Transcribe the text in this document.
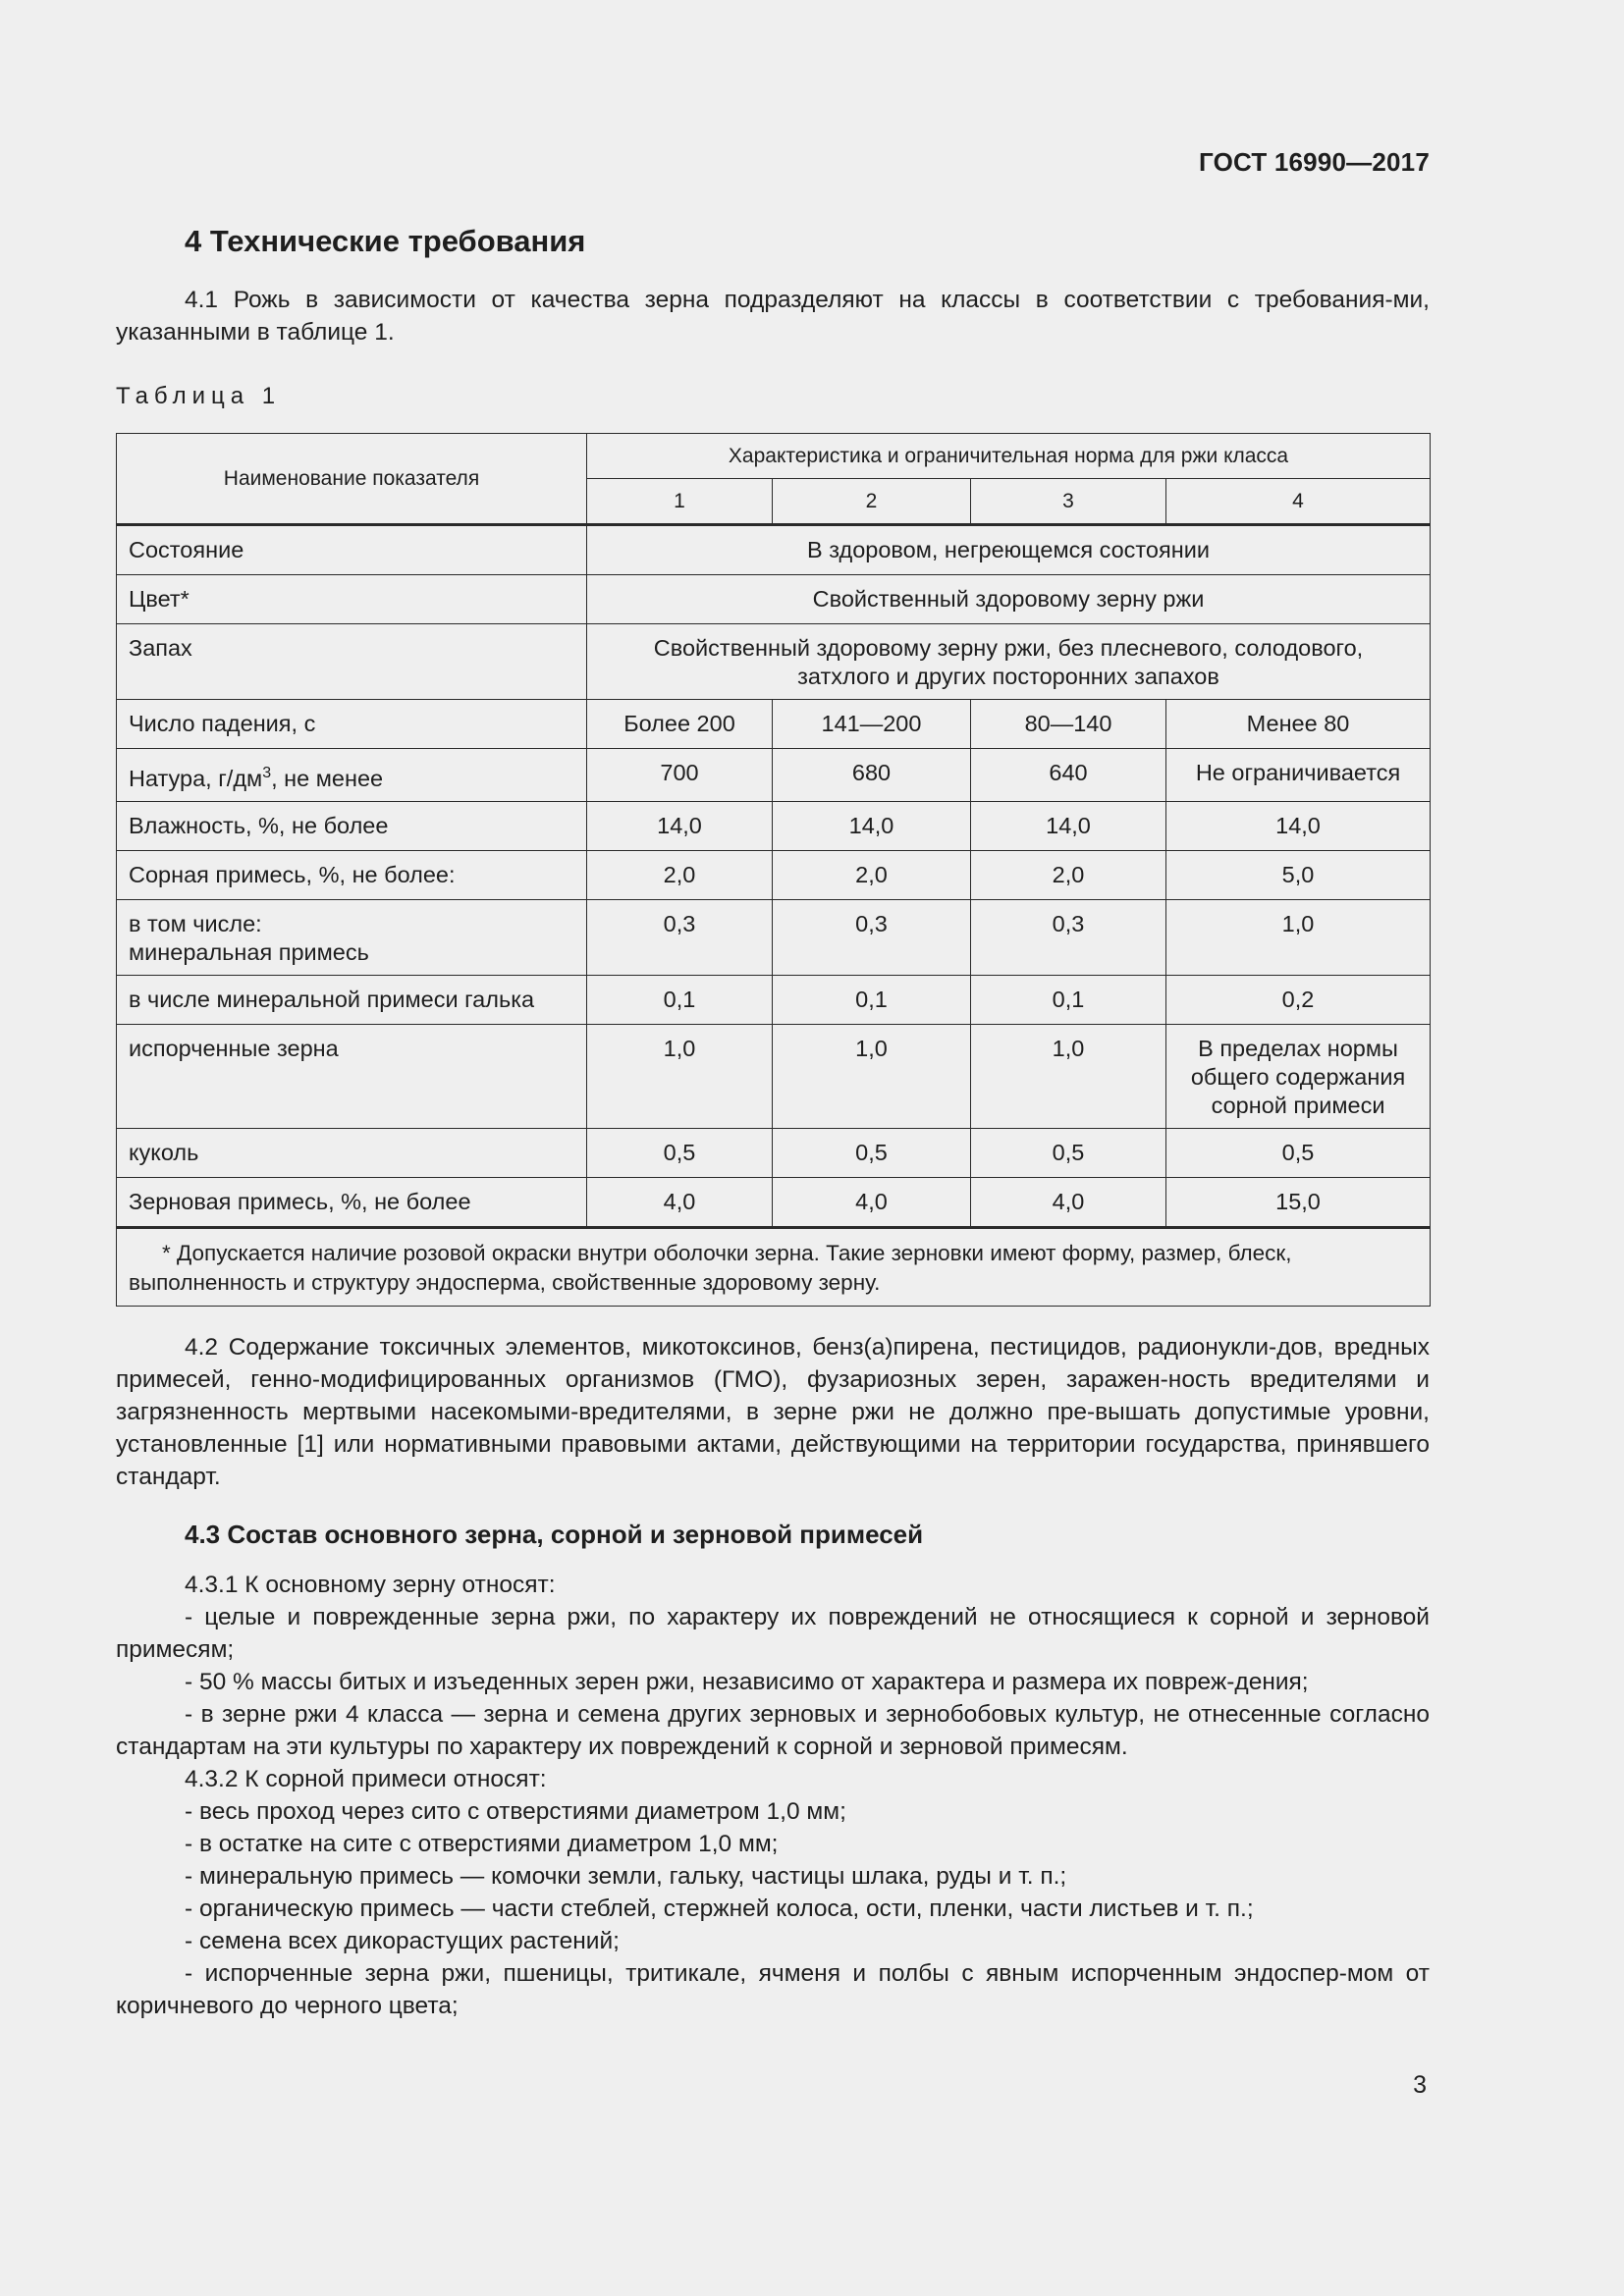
ГОСТ 16990—2017
4 Технические требования
4.1 Рожь в зависимости от качества зерна подразделяют на классы в соответствии с требования-ми, указанными в таблице 1.
Таблица 1
Наименование показателя	Характеристика и ограничительная норма для ржи класса			
	1	2	3	4
Состояние	В здоровом, негреющемся состоянии			
Цвет*	Свойственный здоровому зерну ржи			
Запах	Свойственный здоровому зерну ржи, без плесневого, солодового, затхлого и других посторонних запахов			
Число падения, с	Более 200	141—200	80—140	Менее 80
Натура, $г/дм^3$, не менее	700	680	640	Не ограничивается
Влажность, %, не более	14,0	14,0	14,0	14,0
Сорная примесь, %, не более:	2,0	2,0	2,0	5,0
в том числе:
минеральная примесь	0,3	0,3	0,3	1,0
в числе минеральной примеси галька	0,1	0,1	0,1	0,2
испорченные зерна	1,0	1,0	1,0	В пределах нормы общего содержания сорной примеси
куколь	0,5	0,5	0,5	0,5
Зерновая примесь, %, не более	4,0	4,0	4,0	15,0
* Допускается наличие розовой окраски внутри оболочки зерна. Такие зерновки имеют форму, размер, блеск, выполненность и структуру эндосперма, свойственные здоровому зерну.				
4.2 Содержание токсичных элементов, микотоксинов, бенз(а)пирена, пестицидов, радионукли-дов, вредных примесей, генно-модифицированных организмов (ГМО), фузариозных зерен, заражен-ность вредителями и загрязненность мертвыми насекомыми-вредителями, в зерне ржи не должно пре-вышать допустимые уровни, установленные [1] или нормативными правовыми актами, действующими на территории государства, принявшего стандарт.
4.3 Состав основного зерна, сорной и зерновой примесей
4.3.1 К основному зерну относят:
- целые и поврежденные зерна ржи, по характеру их повреждений не относящиеся к сорной и зерновой примесям;
- 50 % массы битых и изъеденных зерен ржи, независимо от характера и размера их повреж-дения;
- в зерне ржи 4 класса — зерна и семена других зерновых и зернобобовых культур, не отнесенные согласно стандартам на эти культуры по характеру их повреждений к сорной и зерновой примесям.
4.3.2 К сорной примеси относят:
- весь проход через сито с отверстиями диаметром 1,0 мм;
- в остатке на сите с отверстиями диаметром 1,0 мм;
- минеральную примесь — комочки земли, гальку, частицы шлака, руды и т. п.;
- органическую примесь — части стеблей, стержней колоса, ости, пленки, части листьев и т. п.;
- семена всех дикорастущих растений;
- испорченные зерна ржи, пшеницы, тритикале, ячменя и полбы с явным испорченным эндоспер-мом от коричневого до черного цвета;
3
